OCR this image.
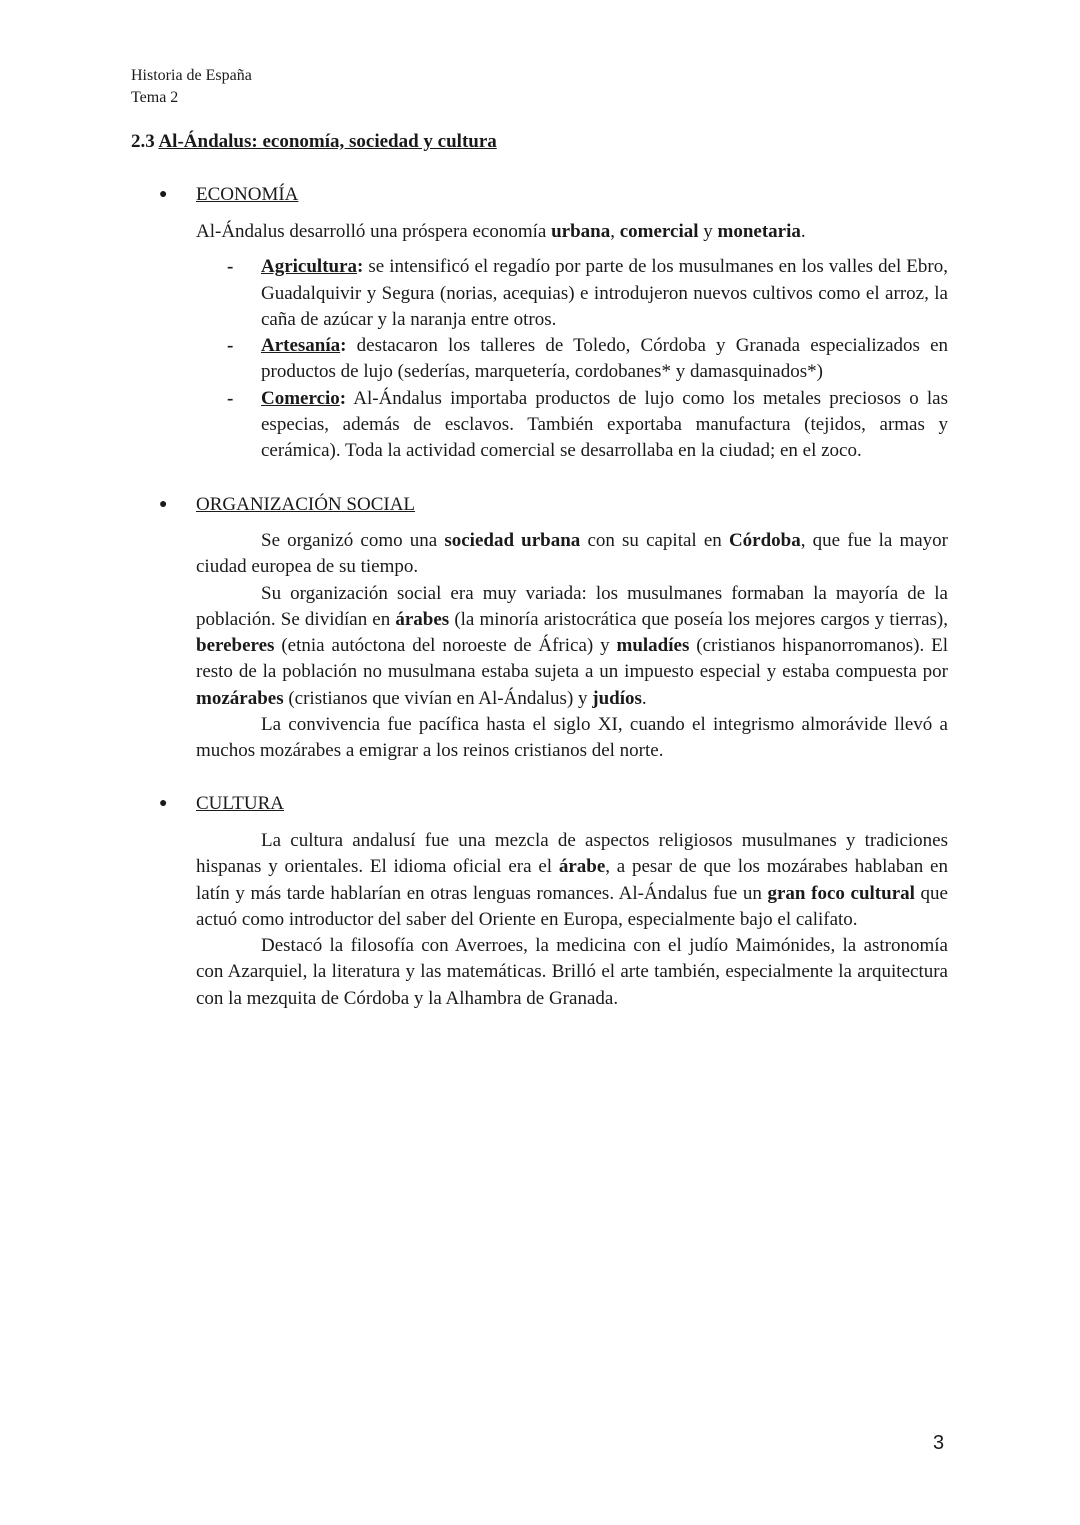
Historia de España
Tema 2
2.3 Al-Ándalus: economía, sociedad y cultura
● ECONOMÍA

Al-Ándalus desarrolló una próspera economía urbana, comercial y monetaria.

- Agricultura: se intensificó el regadío por parte de los musulmanes en los valles del Ebro, Guadalquivir y Segura (norias, acequias) e introdujeron nuevos cultivos como el arroz, la caña de azúcar y la naranja entre otros.
- Artesanía: destacaron los talleres de Toledo, Córdoba y Granada especializados en productos de lujo (sederías, marquetería, cordobanes* y damasquinados*)
- Comercio: Al-Ándalus importaba productos de lujo como los metales preciosos o las especias, además de esclavos. También exportaba manufactura (tejidos, armas y cerámica). Toda la actividad comercial se desarrollaba en la ciudad; en el zoco.
● ORGANIZACIÓN SOCIAL

Se organizó como una sociedad urbana con su capital en Córdoba, que fue la mayor ciudad europea de su tiempo.

Su organización social era muy variada: los musulmanes formaban la mayoría de la población. Se dividían en árabes (la minoría aristocrática que poseía los mejores cargos y tierras), bereberes (etnia autóctona del noroeste de África) y muladíes (cristianos hispanorromanos). El resto de la población no musulmana estaba sujeta a un impuesto especial y estaba compuesta por mozárabes (cristianos que vivían en Al-Ándalus) y judíos.

La convivencia fue pacífica hasta el siglo XI, cuando el integrismo almorávide llevó a muchos mozárabes a emigrar a los reinos cristianos del norte.

● CULTURA

La cultura andalusí fue una mezcla de aspectos religiosos musulmanes y tradiciones hispanas y orientales. El idioma oficial era el árabe, a pesar de que los mozárabes hablaban en latín y más tarde hablarían en otras lenguas romances. Al-Ándalus fue un gran foco cultural que actuó como introductor del saber del Oriente en Europa, especialmente bajo el califato.

Destacó la filosofía con Averroes, la medicina con el judío Maimónides, la astronomía con Azarquiel, la literatura y las matemáticas. Brilló el arte también, especialmente la arquitectura con la mezquita de Córdoba y la Alhambra de Granada.

3
